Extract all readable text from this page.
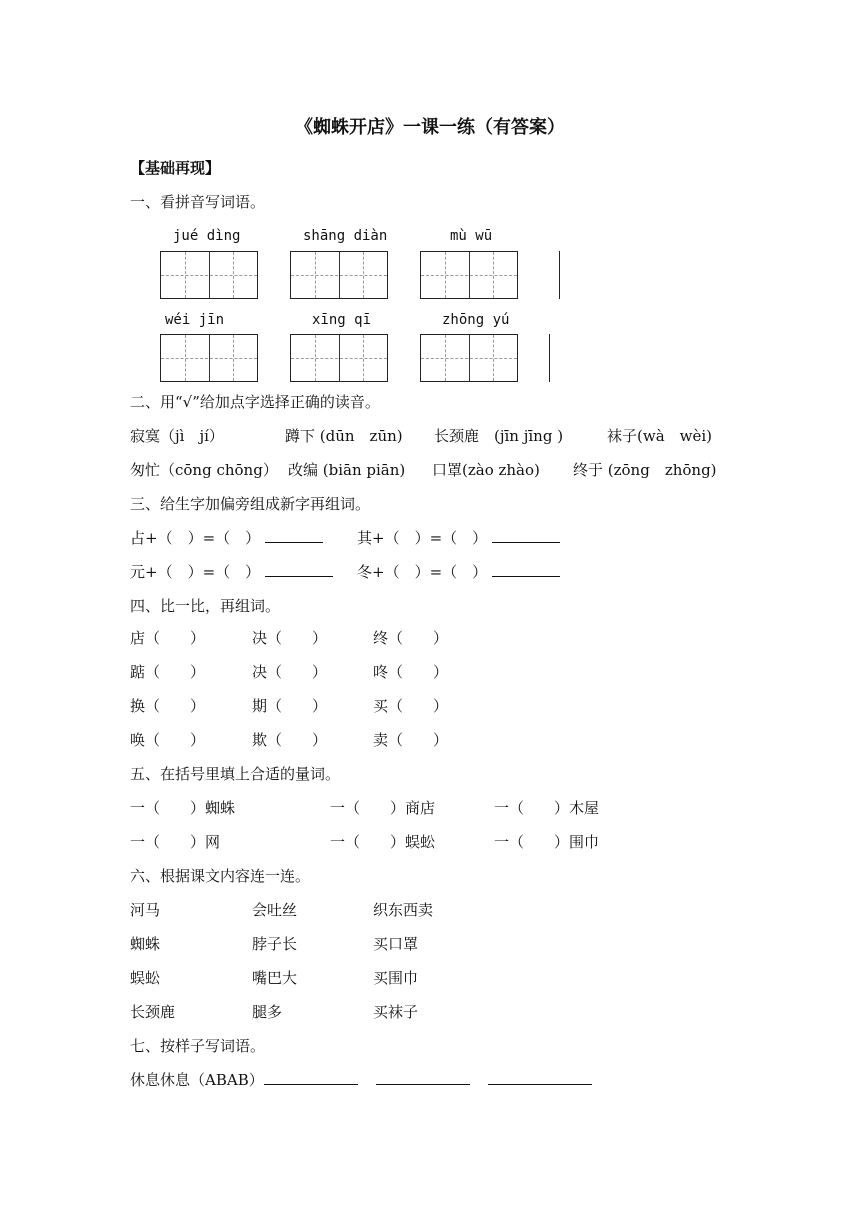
《蜘蛛开店》一课一练（有答案）
【基础再现】
一、看拼音写词语。
jué dìng	shāng diàn	mù wū
wéi jīn	xīng qī	zhōng yú
二、用“√”给加点字选择正确的读音。
寂寞（jì　jí）	蹲下 (dūn　zūn) 长颈鹿　(jīn jīng )	袜子(wà　wèi)
匆忙（cōng chōng） 改编 (biān piān) 口罩(zào zhào) 终于 (zōng　zhōng)
三、给生字加偏旁组成新字再组词。
占+（　）=（　）	其+（　）=（　）
元+（　）=（　）	冬+（　）=（　）
四、比一比，再组词。
店（　　）	决（　　）	终（　　）
踮（　　）	决（　　）	咚（　　）
换（　　）	期（　　）	买（　　）
唤（　　）	欺（　　）	卖（　　）
五、在括号里填上合适的量词。
一（　　）蜘蛛	一（　　）商店	一（　　）木屋
一（　　）网	一（　　）蜈蚣	一（　　）围巾
六、根据课文内容连一连。
河马	会吐丝	织东西卖
蜘蛛	脖子长	买口罩
蜈蚣	嘴巴大	买围巾
长颈鹿	腿多	买袜子
七、按样子写词语。
休息休息（ABAB）
